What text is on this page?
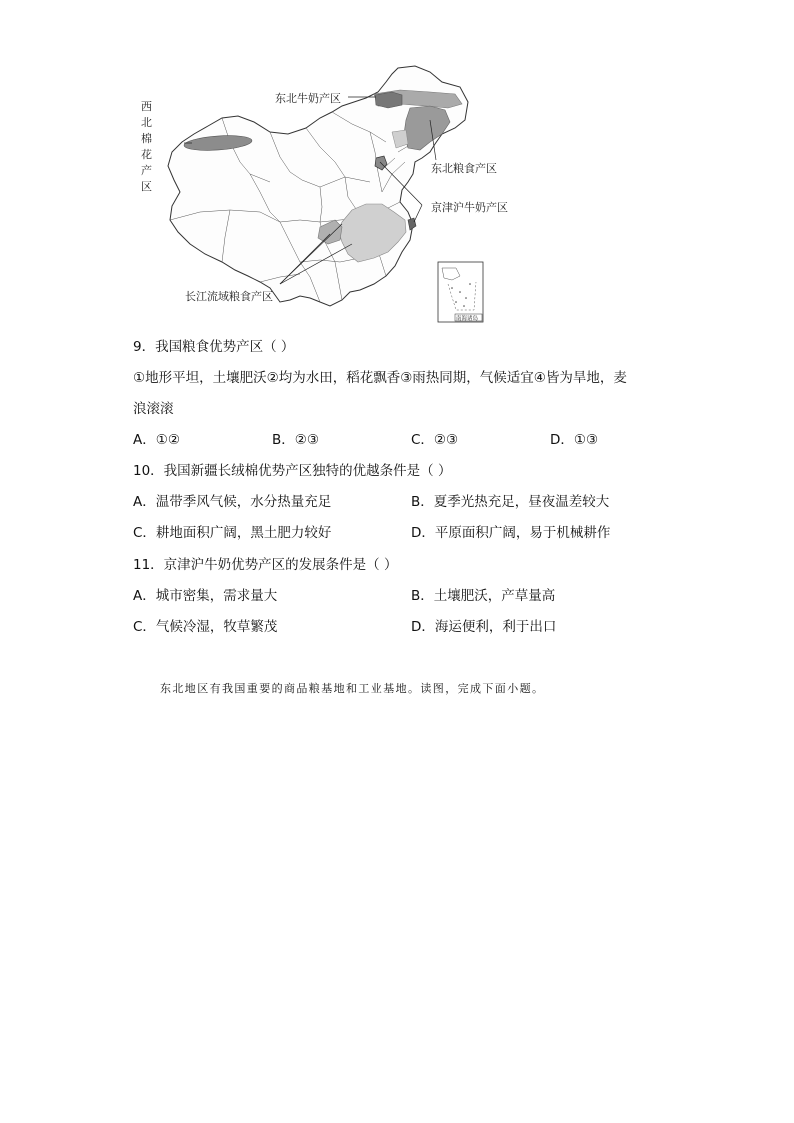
西
北
棉
花
产
区
东北牛奶产区
东北粮食产区
京津沪牛奶产区
长江流域粮食产区
南海诸岛
9．我国粮食优势产区（ ）
①地形平坦，土壤肥沃②均为水田，稻花飘香③雨热同期，气候适宜④皆为旱地，麦
浪滚滚
A．①②	B．②③	C．②③	D．①③
10．我国新疆长绒棉优势产区独特的优越条件是（ ）
A．温带季风气候，水分热量充足	B．夏季光热充足，昼夜温差较大
C．耕地面积广阔，黑土肥力较好	D．平原面积广阔，易于机械耕作
11．京津沪牛奶优势产区的发展条件是（ ）
A．城市密集，需求量大	B．土壤肥沃，产草量高
C．气候冷湿，牧草繁茂	D．海运便利，利于出口
东北地区有我国重要的商品粮基地和工业基地。读图，完成下面小题。
